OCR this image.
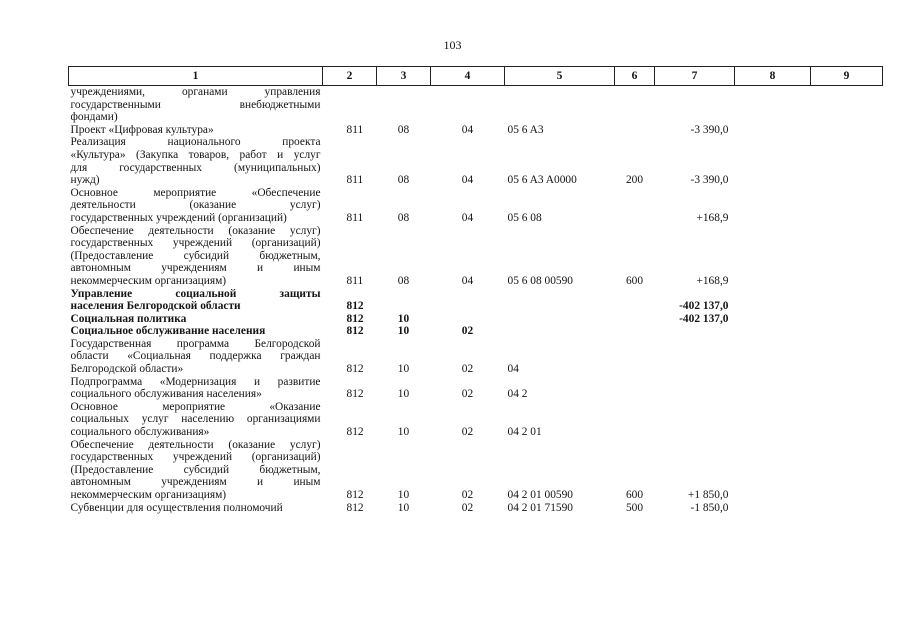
103
1	2	3	4	5	6	7	8	9

учреждениями, органами управления
государственными внебюджетными
фондами)								

Проект «Цифровая культура»	811	08	04	05 6 A3		-3 390,0		

Реализация национального проекта
«Культура» (Закупка товаров, работ и услуг
для государственных (муниципальных)
нужд)	811	08	04	05 6 A3 A0000	200	-3 390,0		

Основное мероприятие «Обеспечение
деятельности (оказание услуг)
государственных учреждений (организаций)	811	08	04	05 6 08		+168,9		

Обеспечение деятельности (оказание услуг)
государственных учреждений (организаций)
(Предоставление субсидий бюджетным,
автономным учреждениям и иным
некоммерческим организациям)	811	08	04	05 6 08 00590	600	+168,9		

Управление социальной защиты
населения Белгородской области	812					-402 137,0		

Социальная политика	812	10				-402 137,0		

Социальное обслуживание населения	812	10	02					

Государственная программа Белгородской
области «Социальная поддержка граждан
Белгородской области»	812	10	02	04				

Подпрограмма «Модернизация и развитие
социального обслуживания населения»	812	10	02	04 2				

Основное мероприятие «Оказание
социальных услуг населению организациями
социального обслуживания»	812	10	02	04 2 01				

Обеспечение деятельности (оказание услуг)
государственных учреждений (организаций)
(Предоставление субсидий бюджетным,
автономным учреждениям и иным
некоммерческим организациям)	812	10	02	04 2 01 00590	600	+1 850,0		

Субвенции для осуществления полномочий	812	10	02	04 2 01 71590	500	-1 850,0		
